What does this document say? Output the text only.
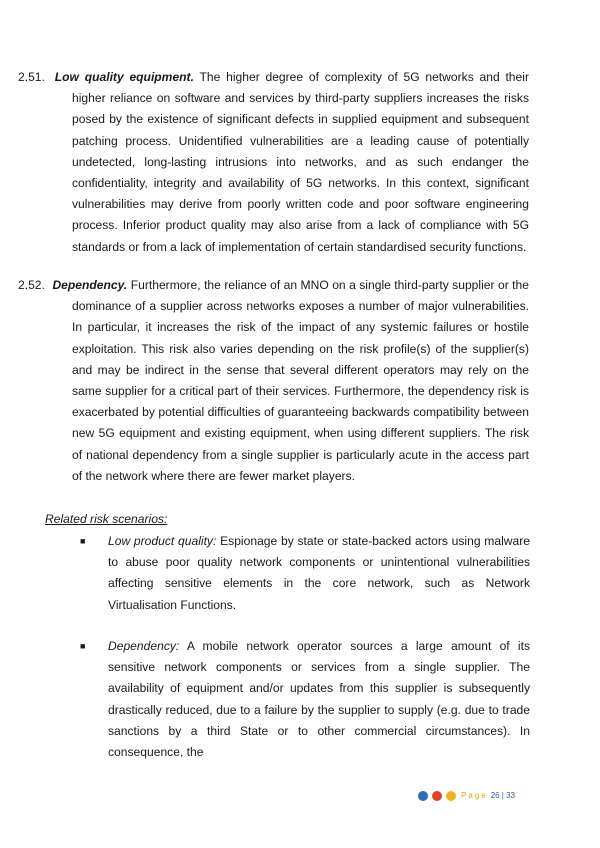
2.51. Low quality equipment. The higher degree of complexity of 5G networks and their higher reliance on software and services by third-party suppliers increases the risks posed by the existence of significant defects in supplied equipment and subsequent patching process. Unidentified vulnerabilities are a leading cause of potentially undetected, long-lasting intrusions into networks, and as such endanger the confidentiality, integrity and availability of 5G networks. In this context, significant vulnerabilities may derive from poorly written code and poor software engineering process. Inferior product quality may also arise from a lack of compliance with 5G standards or from a lack of implementation of certain standardised security functions.
2.52. Dependency. Furthermore, the reliance of an MNO on a single third-party supplier or the dominance of a supplier across networks exposes a number of major vulnerabilities. In particular, it increases the risk of the impact of any systemic failures or hostile exploitation. This risk also varies depending on the risk profile(s) of the supplier(s) and may be indirect in the sense that several different operators may rely on the same supplier for a critical part of their services. Furthermore, the dependency risk is exacerbated by potential difficulties of guaranteeing backwards compatibility between new 5G equipment and existing equipment, when using different suppliers. The risk of national dependency from a single supplier is particularly acute in the access part of the network where there are fewer market players.
Related risk scenarios:
■ Low product quality: Espionage by state or state-backed actors using malware to abuse poor quality network components or unintentional vulnerabilities affecting sensitive elements in the core network, such as Network Virtualisation Functions.
■ Dependency: A mobile network operator sources a large amount of its sensitive network components or services from a single supplier. The availability of equipment and/or updates from this supplier is subsequently drastically reduced, due to a failure by the supplier to supply (e.g. due to trade sanctions by a third State or to other commercial circumstances). In consequence, the
Page 26 | 33
